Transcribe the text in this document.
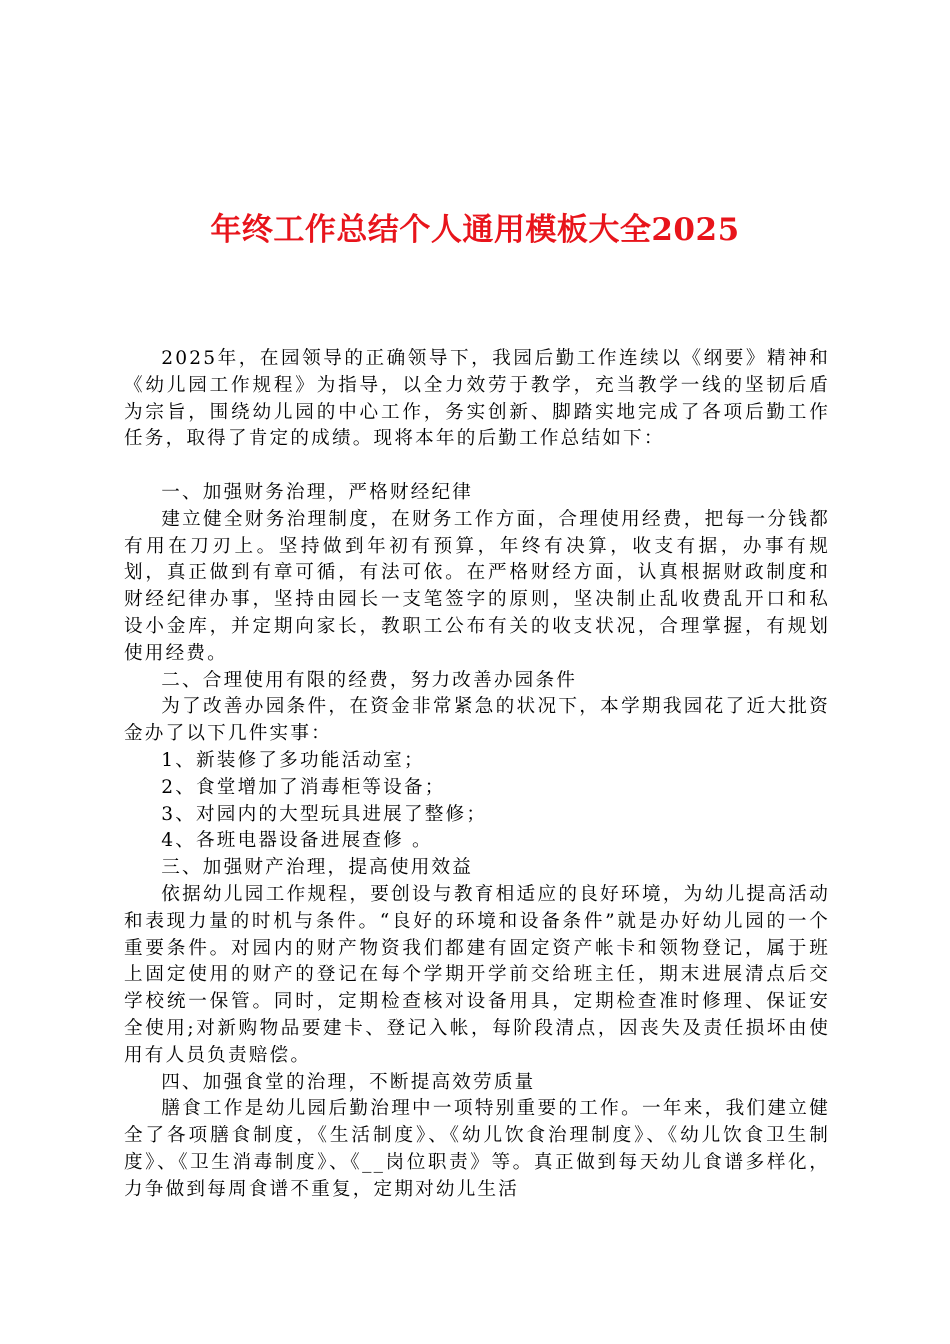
年终工作总结个人通用模板大全2025

2025年，在园领导的正确领导下，我园后勤工作连续以《纲要》精神和《幼儿园工作规程》为指导，以全力效劳于教学，充当教学一线的坚韧后盾为宗旨，围绕幼儿园的中心工作，务实创新、脚踏实地完成了各项后勤工作任务，取得了肯定的成绩。现将本年的后勤工作总结如下：

一、加强财务治理，严格财经纪律

建立健全财务治理制度，在财务工作方面，合理使用经费，把每一分钱都有用在刀刃上。坚持做到年初有预算，年终有决算，收支有据，办事有规划，真正做到有章可循，有法可依。在严格财经方面，认真根据财政制度和财经纪律办事，坚持由园长一支笔签字的原则，坚决制止乱收费乱开口和私设小金库，并定期向家长，教职工公布有关的收支状况，合理掌握，有规划使用经费。

二、合理使用有限的经费，努力改善办园条件

为了改善办园条件，在资金非常紧急的状况下，本学期我园花了近大批资金办了以下几件实事：

1、新装修了多功能活动室；

2、食堂增加了消毒柜等设备；

3、对园内的大型玩具进展了整修；

4、各班电器设备进展查修 。

三、加强财产治理，提高使用效益

依据幼儿园工作规程，要创设与教育相适应的良好环境，为幼儿提高活动和表现力量的时机与条件。“良好的环境和设备条件”就是办好幼儿园的一个重要条件。对园内的财产物资我们都建有固定资产帐卡和领物登记，属于班上固定使用的财产的登记在每个学期开学前交给班主任，期末进展清点后交学校统一保管。同时，定期检查核对设备用具，定期检查准时修理、保证安全使用;对新购物品要建卡、登记入帐，每阶段清点，因丧失及责任损坏由使用有人员负责赔偿。

四、加强食堂的治理，不断提高效劳质量

膳食工作是幼儿园后勤治理中一项特别重要的工作。一年来，我们建立健全了各项膳食制度，《生活制度》、《幼儿饮食治理制度》、《幼儿饮食卫生制度》、《卫生消毒制度》、《__岗位职责》等。真正做到每天幼儿食谱多样化，力争做到每周食谱不重复，定期对幼儿生活
